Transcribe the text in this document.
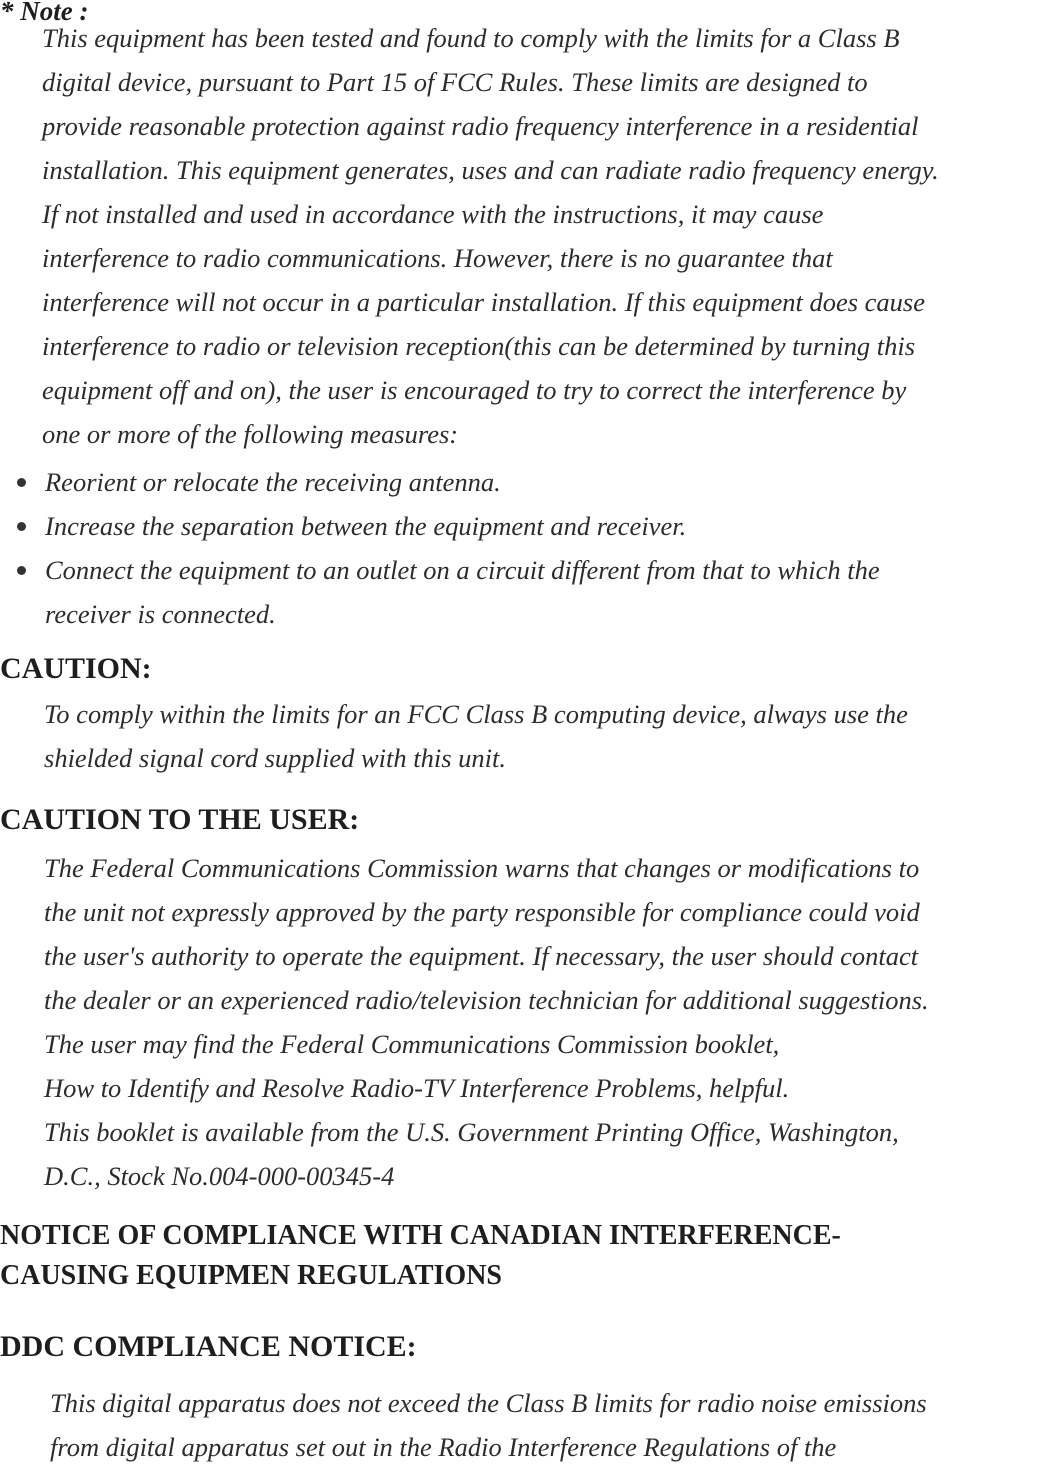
* Note :

This equipment has been tested and found to comply with the limits for a Class B
digital device, pursuant to Part 15 of FCC Rules. These limits are designed to
provide reasonable protection against radio frequency interference in a residential
installation. This equipment generates, uses and can radiate radio frequency energy.
If not installed and used in accordance with the instructions, it may cause
interference to radio communications. However, there is no guarantee that
interference will not occur in a particular installation. If this equipment does cause
interference to radio or television reception(this can be determined by turning this
equipment off and on), the user is encouraged to try to correct the interference by
one or more of the following measures:

Reorient or relocate the receiving antenna.
Increase the separation between the equipment and receiver.
Connect the equipment to an outlet on a circuit different from that to which the
receiver is connected.
CAUTION:

To comply within the limits for an FCC Class B computing device, always use the
shielded signal cord supplied with this unit.

CAUTION TO THE USER:

The Federal Communications Commission warns that changes or modifications to
the unit not expressly approved by the party responsible for compliance could void
the user's authority to operate the equipment. If necessary, the user should contact
the dealer or an experienced radio/television technician for additional suggestions.
The user may find the Federal Communications Commission booklet,
How to Identify and Resolve Radio-TV Interference Problems, helpful.
This booklet is available from the U.S. Government Printing Office, Washington,
D.C., Stock No.004-000-00345-4

NOTICE OF COMPLIANCE WITH CANADIAN INTERFERENCE-
CAUSING EQUIPMEN REGULATIONS
DDC COMPLIANCE NOTICE:

This digital apparatus does not exceed the Class B limits for radio noise emissions
from digital apparatus set out in the Radio Interference Regulations of the
